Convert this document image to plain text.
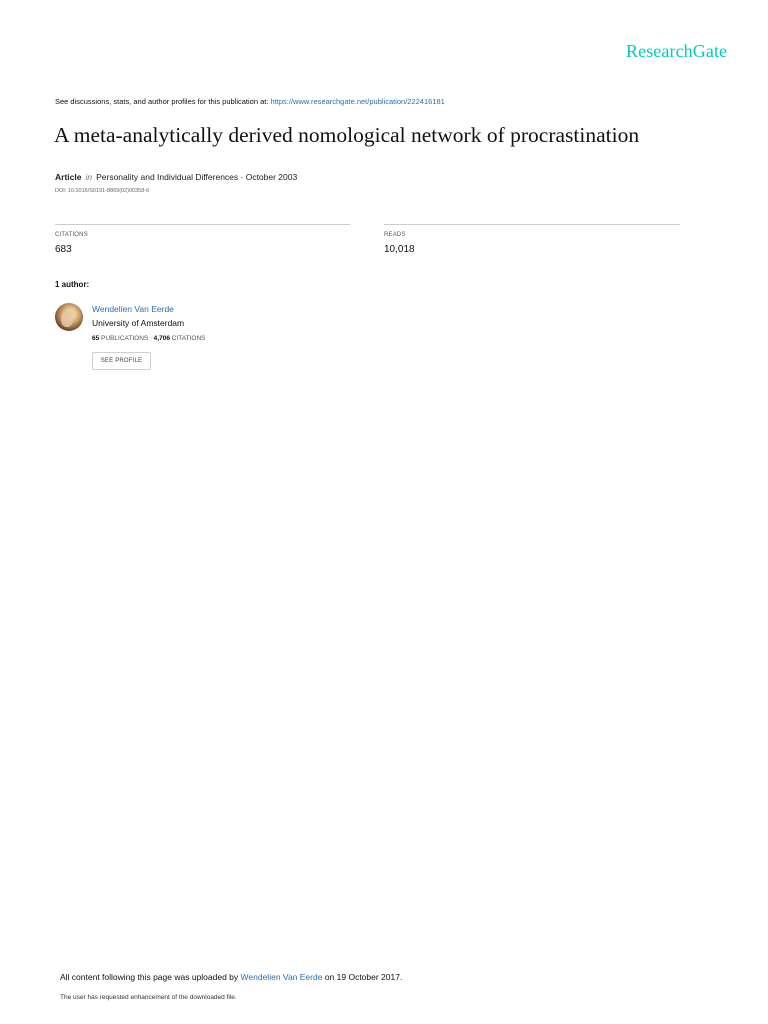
ResearchGate
See discussions, stats, and author profiles for this publication at: https://www.researchgate.net/publication/222416181
A meta-analytically derived nomological network of procrastination
Article in Personality and Individual Differences · October 2003
DOI: 10.1016/S0191-8869(02)00358-6
CITATIONS
683
READS
10,018
1 author:
Wendelien Van Eerde
University of Amsterdam
65 PUBLICATIONS 4,706 CITATIONS
SEE PROFILE
All content following this page was uploaded by Wendelien Van Eerde on 19 October 2017.
The user has requested enhancement of the downloaded file.
